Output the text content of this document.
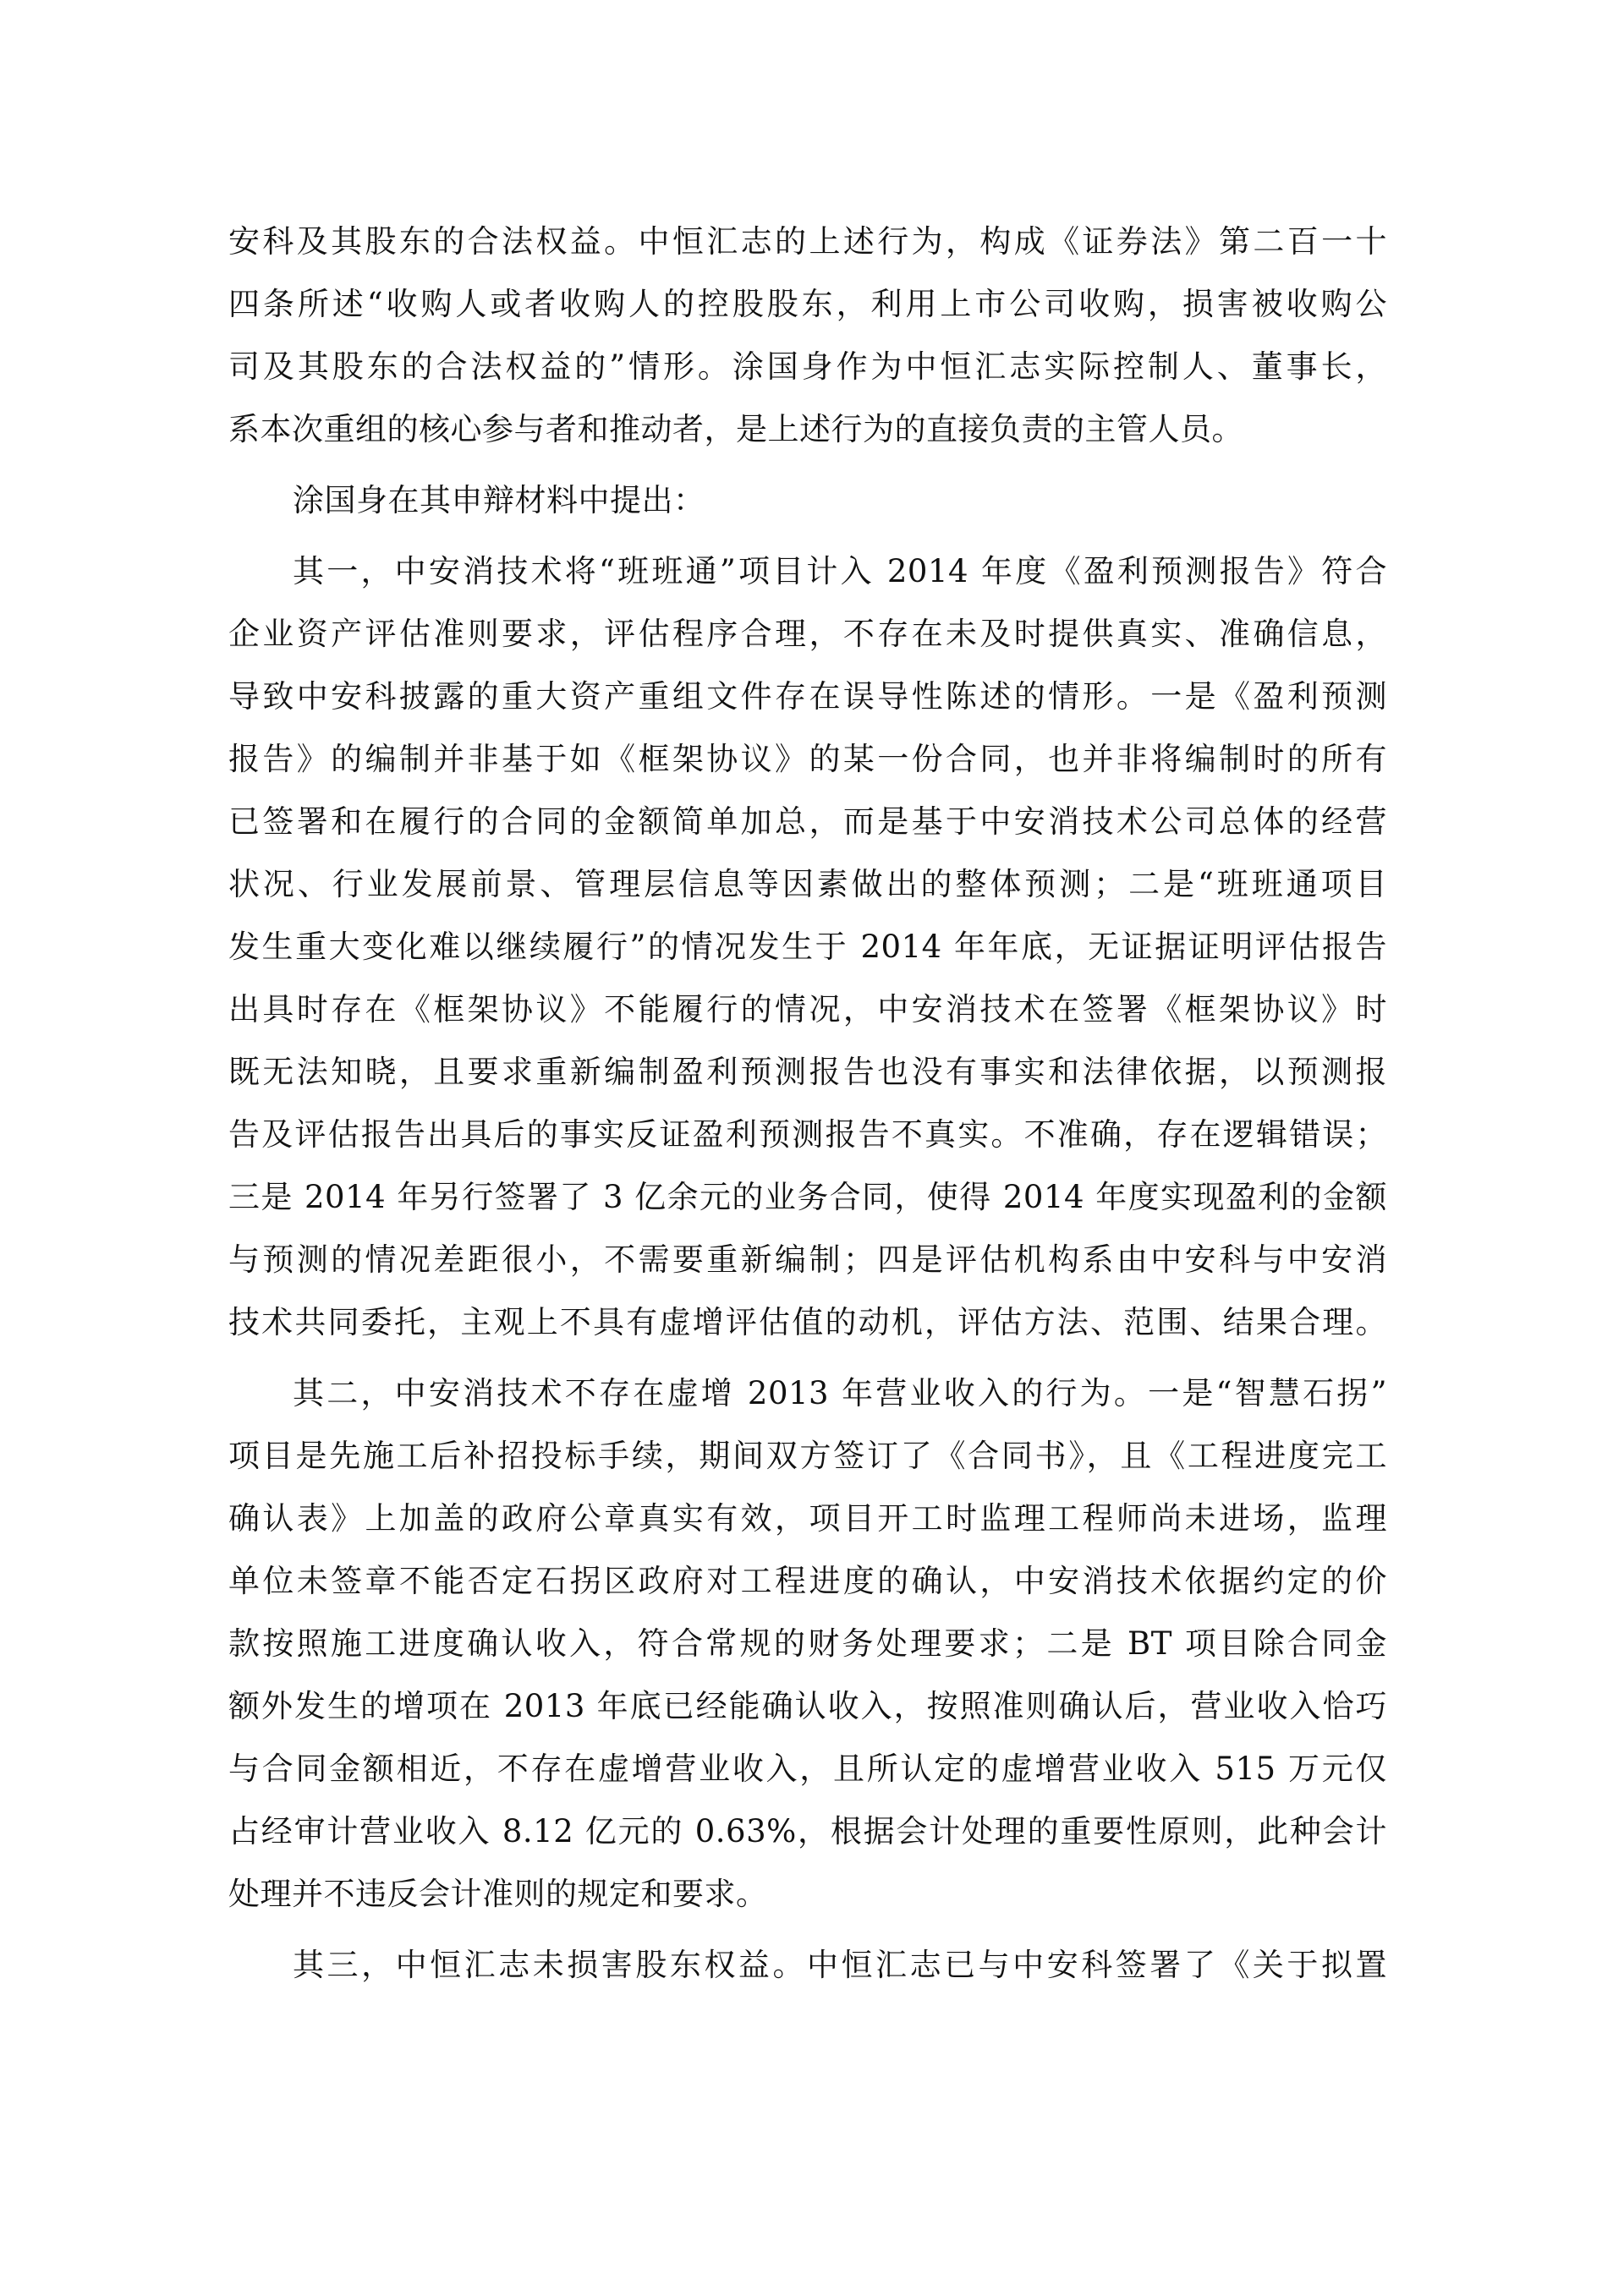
安科及其股东的合法权益。中恒汇志的上述行为，构成《证券法》第二百一十
四条所述“收购人或者收购人的控股股东，利用上市公司收购，损害被收购公
司及其股东的合法权益的”情形。涂国身作为中恒汇志实际控制人、董事长，
系本次重组的核心参与者和推动者，是上述行为的直接负责的主管人员。
涂国身在其申辩材料中提出：
其一，中安消技术将“班班通”项目计入 2014 年度《盈利预测报告》符合
企业资产评估准则要求，评估程序合理，不存在未及时提供真实、准确信息，
导致中安科披露的重大资产重组文件存在误导性陈述的情形。一是《盈利预测
报告》的编制并非基于如《框架协议》的某一份合同，也并非将编制时的所有
已签署和在履行的合同的金额简单加总，而是基于中安消技术公司总体的经营
状况、行业发展前景、管理层信息等因素做出的整体预测；二是“班班通项目
发生重大变化难以继续履行”的情况发生于 2014 年年底，无证据证明评估报告
出具时存在《框架协议》不能履行的情况，中安消技术在签署《框架协议》时
既无法知晓，且要求重新编制盈利预测报告也没有事实和法律依据，以预测报
告及评估报告出具后的事实反证盈利预测报告不真实。不准确，存在逻辑错误；
三是 2014 年另行签署了 3 亿余元的业务合同，使得 2014 年度实现盈利的金额
与预测的情况差距很小，不需要重新编制；四是评估机构系由中安科与中安消
技术共同委托，主观上不具有虚增评估值的动机，评估方法、范围、结果合理。
其二，中安消技术不存在虚增 2013 年营业收入的行为。一是“智慧石拐”
项目是先施工后补招投标手续，期间双方签订了《合同书》，且《工程进度完工
确认表》上加盖的政府公章真实有效，项目开工时监理工程师尚未进场，监理
单位未签章不能否定石拐区政府对工程进度的确认，中安消技术依据约定的价
款按照施工进度确认收入，符合常规的财务处理要求；二是 BT 项目除合同金
额外发生的增项在 2013 年底已经能确认收入，按照准则确认后，营业收入恰巧
与合同金额相近，不存在虚增营业收入，且所认定的虚增营业收入 515 万元仅
占经审计营业收入 8.12 亿元的 0.63%，根据会计处理的重要性原则，此种会计
处理并不违反会计准则的规定和要求。
其三，中恒汇志未损害股东权益。中恒汇志已与中安科签署了《关于拟置
